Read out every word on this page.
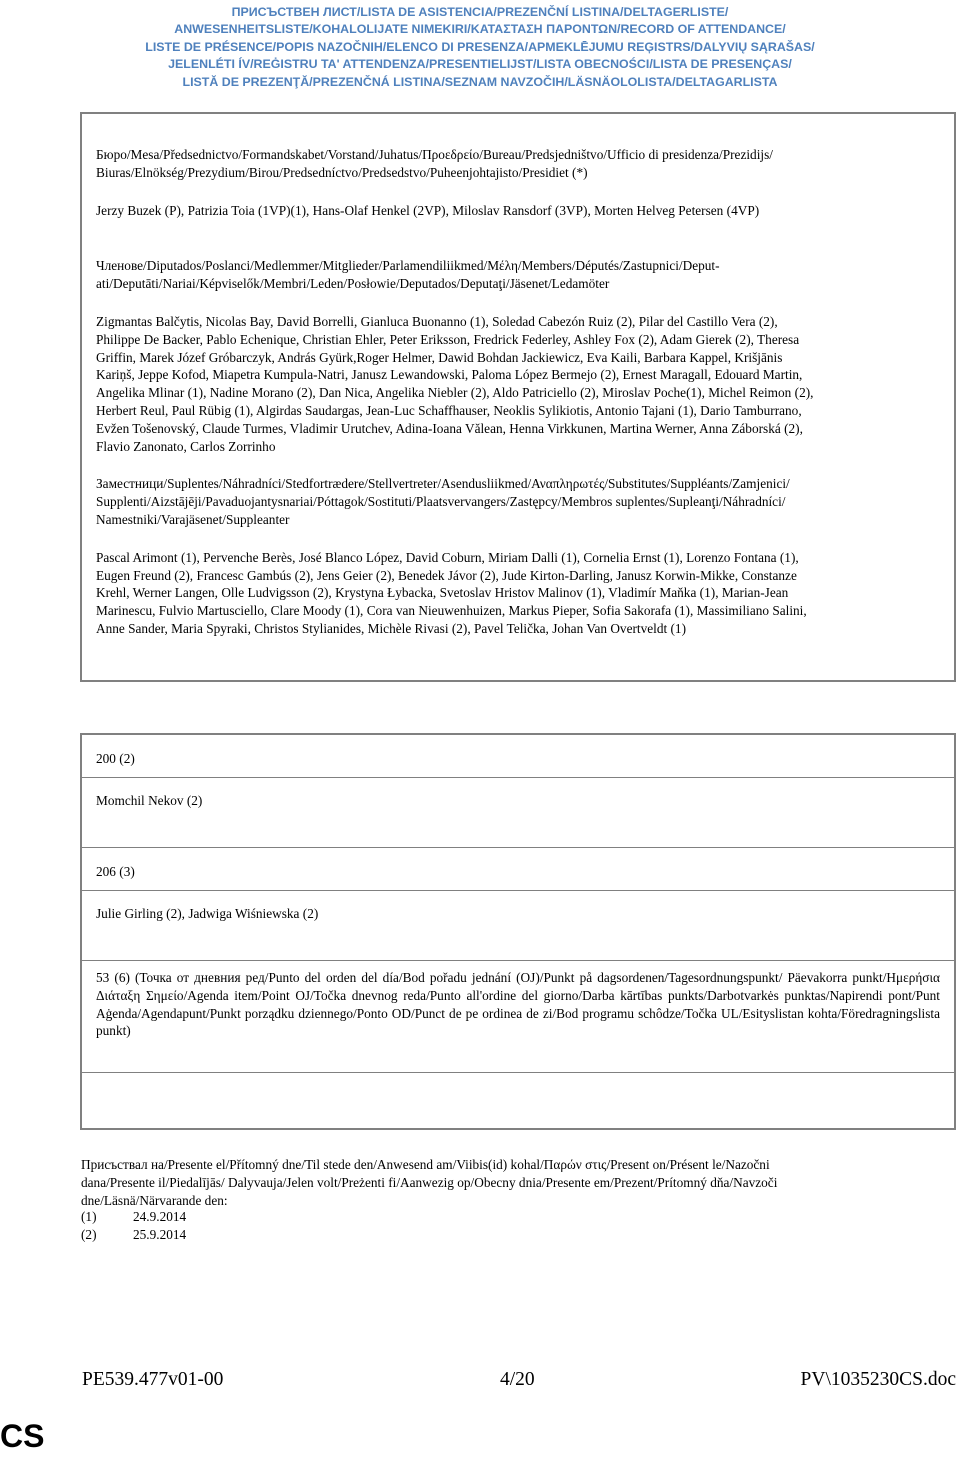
ПРИСЪСТВЕН ЛИСТ/LISTA DE ASISTENCIA/PREZENČNÍ LISTINA/DELTAGERLISTE/
ANWESENHEITSLISTE/KOHALOLIJATE NIMEKIRI/ΚΑΤΑΣΤΑΣΗ ΠΑΡΟΝΤΩΝ/RECORD OF ATTENDANCE/
LISTE DE PRÉSENCE/POPIS NAZOČNIH/ELENCO DI PRESENZA/APMEKLĒJUMU REĢISTRS/DALYVIŲ SĄRAŠAS/
JELENLÉTI ÍV/REĠISTRU TA' ATTENDENZA/PRESENTIELIJST/LISTA OBECNOŚCI/LISTA DE PRESENÇAS/
LISTĂ DE PREZENŢĂ/PREZENČNÁ LISTINA/SEZNAM NAVZOČIH/LÄSNÄOLOLISTA/DELTAGARLISTA
Бюро/Mesa/Předsednictvo/Formandskabet/Vorstand/Juhatus/Προεδρείο/Bureau/Predsjedništvo/Ufficio di presidenza/Prezidijs/
Biuras/Elnökség/Prezydium/Birou/Predsedníctvo/Predsedstvo/Puheenjohtajisto/Presidiet (*)
Jerzy Buzek (P), Patrizia Toia (1VP)(1), Hans-Olaf Henkel (2VP), Miloslav Ransdorf (3VP), Morten Helveg Petersen (4VP)
Членове/Diputados/Poslanci/Medlemmer/Mitglieder/Parlamendiliikmed/Μέλη/Members/Députés/Zastupnici/Deput-
ati/Deputāti/Nariai/Képviselők/Membri/Leden/Posłowie/Deputados/Deputaţi/Jäsenet/Ledamöter
Zigmantas Balčytis, Nicolas Bay, David Borrelli, Gianluca Buonanno (1), Soledad Cabezón Ruiz (2), Pilar del Castillo Vera (2),
Philippe De Backer, Pablo Echenique, Christian Ehler, Peter Eriksson, Fredrick Federley, Ashley Fox (2), Adam Gierek (2), Theresa
Griffin, Marek Józef Gróbarczyk, András Gyürk,Roger Helmer, Dawid Bohdan Jackiewicz, Eva Kaili, Barbara Kappel, Krišjānis
Kariņš, Jeppe Kofod, Miapetra Kumpula-Natri, Janusz Lewandowski, Paloma López Bermejo (2), Ernest Maragall, Edouard Martin,
Angelika Mlinar (1), Nadine Morano (2), Dan Nica, Angelika Niebler (2), Aldo Patriciello (2), Miroslav Poche(1), Michel Reimon (2),
Herbert Reul, Paul Rübig (1), Algirdas Saudargas, Jean-Luc Schaffhauser, Neoklis Sylikiotis, Antonio Tajani (1), Dario Tamburrano,
Evžen Tošenovský, Claude Turmes, Vladimir Urutchev, Adina-Ioana Vălean, Henna Virkkunen, Martina Werner, Anna Záborská (2),
Flavio Zanonato, Carlos Zorrinho
Заместници/Suplentes/Náhradníci/Stedfortrædere/Stellvertreter/Asendusliikmed/Αναπληρωτές/Substitutes/Suppléants/Zamjenici/
Supplenti/Aizstājēji/Pavaduojantysnariai/Póttagok/Sostituti/Plaatsvervangers/Zastępcy/Membros suplentes/Supleanţi/Náhradníci/
Namestniki/Varajäsenet/Suppleanter
Pascal Arimont (1), Pervenche Berès, José Blanco López, David Coburn, Miriam Dalli (1), Cornelia Ernst (1), Lorenzo Fontana (1),
Eugen Freund (2), Francesc Gambús (2), Jens Geier (2), Benedek Jávor (2), Jude Kirton-Darling, Janusz Korwin-Mikke, Constanze
Krehl, Werner Langen, Olle Ludvigsson (2), Krystyna Łybacka, Svetoslav Hristov Malinov (1), Vladimír Maňka (1), Marian-Jean
Marinescu, Fulvio Martusciello, Clare Moody (1), Cora van Nieuwenhuizen, Markus Pieper, Sofia Sakorafa (1), Massimiliano Salini,
Anne Sander, Maria Spyraki, Christos Stylianides, Michèle Rivasi (2), Pavel Telička, Johan Van Overtveldt (1)
200 (2)
Momchil Nekov (2)
206 (3)
Julie Girling (2), Jadwiga Wiśniewska (2)
53 (6) (Точка от дневния ред/Punto del orden del día/Bod pořadu jednání (OJ)/Punkt på dagsordenen/Tagesordnungspunkt/ Päevakorra punkt/Ημερήσια Διάταξη Σημείο/Agenda item/Point OJ/Točka dnevnog reda/Punto all'ordine del giorno/Darba kārtības punkts/Darbotvarkės punktas/Napirendi pont/Punt Aġenda/Agendapunt/Punkt porządku dziennego/Ponto OD/Punct de pe ordinea de zi/Bod programu schôdze/Točka UL/Esityslistan kohta/Föredragningslista punkt)
Присъствал на/Presente el/Přítomný dne/Til stede den/Anwesend am/Viibis(id) kohal/Παρών στις/Present on/Présent le/Nazočni
dana/Presente il/Piedalījās/ Dalyvauja/Jelen volt/Preżenti fi/Aanwezig op/Obecny dnia/Presente em/Prezent/Prítomný dňa/Navzoči
dne/Läsnä/Närvarande den:
(1)	24.9.2014
(2)	25.9.2014
PE539.477v01-00	4/20	PV\1035230CS.doc
CS
